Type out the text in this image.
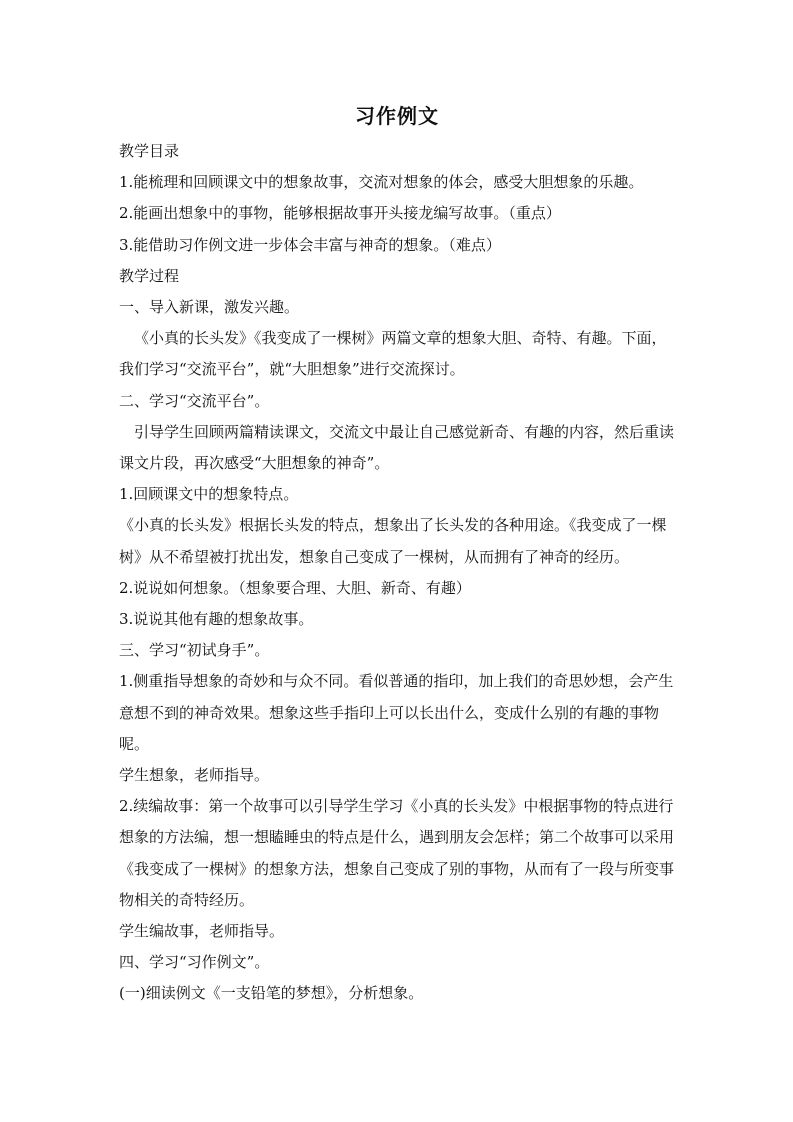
习作例文

教学目录

1.能梳理和回顾课文中的想象故事，交流对想象的体会，感受大胆想象的乐趣。

2.能画出想象中的事物，能够根据故事开头接龙编写故事。（重点）

3.能借助习作例文进一步体会丰富与神奇的想象。（难点）

教学过程

一、导入新课，激发兴趣。

《小真的长头发》《我变成了一棵树》两篇文章的想象大胆、奇特、有趣。下面，我们学习“交流平台”，就“大胆想象”进行交流探讨。

二、学习“交流平台”。

引导学生回顾两篇精读课文，交流文中最让自己感觉新奇、有趣的内容，然后重读课文片段，再次感受“大胆想象的神奇”。

1.回顾课文中的想象特点。

《小真的长头发》根据长头发的特点，想象出了长头发的各种用途。《我变成了一棵树》从不希望被打扰出发，想象自己变成了一棵树，从而拥有了神奇的经历。

2.说说如何想象。（想象要合理、大胆、新奇、有趣）

3.说说其他有趣的想象故事。

三、学习“初试身手”。

1.侧重指导想象的奇妙和与众不同。看似普通的指印，加上我们的奇思妙想，会产生意想不到的神奇效果。想象这些手指印上可以长出什么，变成什么别的有趣的事物呢。

学生想象，老师指导。

2.续编故事：第一个故事可以引导学生学习《小真的长头发》中根据事物的特点进行想象的方法编，想一想瞌睡虫的特点是什么，遇到朋友会怎样；第二个故事可以采用《我变成了一棵树》的想象方法，想象自己变成了别的事物，从而有了一段与所变事物相关的奇特经历。

学生编故事，老师指导。

四、学习“习作例文”。

(一)细读例文《一支铅笔的梦想》，分析想象。
